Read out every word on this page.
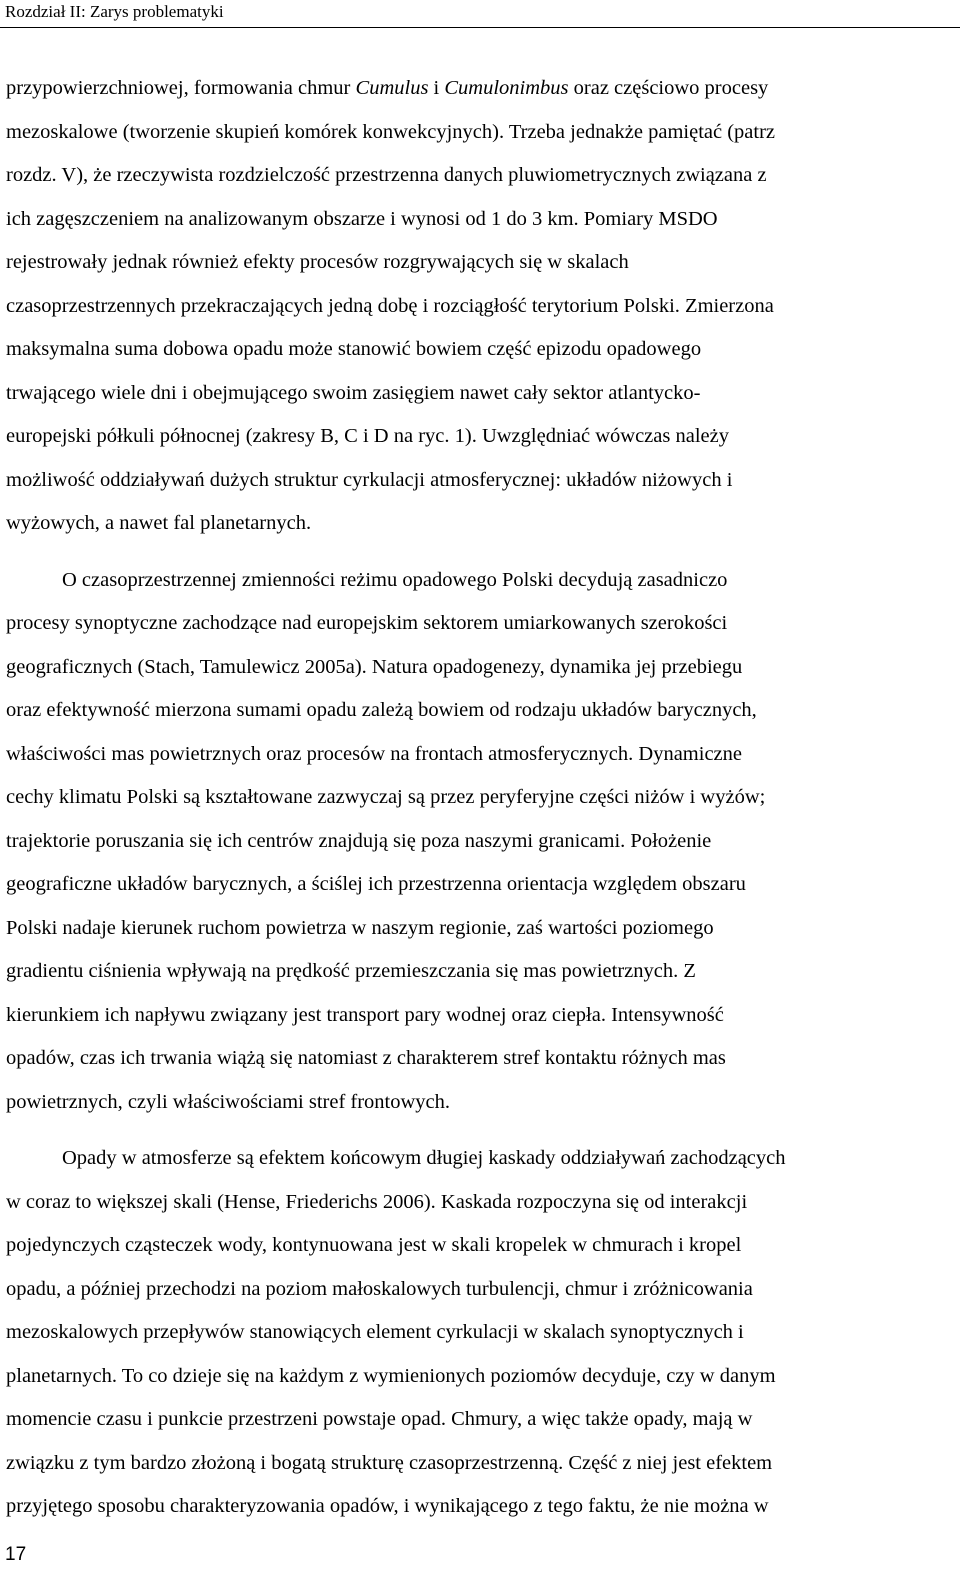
Rozdział II: Zarys problematyki
przypowierzchniowej, formowania chmur Cumulus i Cumulonimbus oraz częściowo procesy
mezoskalowe (tworzenie skupień komórek konwekcyjnych). Trzeba jednakże pamiętać (patrz
rozdz. V), że rzeczywista rozdzielczość przestrzenna danych pluwiometrycznych związana z
ich zagęszczeniem na analizowanym obszarze i wynosi od 1 do 3 km. Pomiary MSDO
rejestrowały jednak również efekty procesów rozgrywających się w skalach
czasoprzestrzennych przekraczających jedną dobę i rozciągłość terytorium Polski. Zmierzona
maksymalna suma dobowa opadu może stanowić bowiem część epizodu opadowego
trwającego wiele dni i obejmującego swoim zasięgiem nawet cały sektor atlantycko-
europejski półkuli północnej (zakresy B, C i D na ryc. 1). Uwzględniać wówczas należy
możliwość oddziaływań dużych struktur cyrkulacji atmosferycznej: układów niżowych i
wyżowych, a nawet fal planetarnych.
O czasoprzestrzennej zmienności reżimu opadowego Polski decydują zasadniczo
procesy synoptyczne zachodzące nad europejskim sektorem umiarkowanych szerokości
geograficznych (Stach, Tamulewicz 2005a). Natura opadogenezy, dynamika jej przebiegu
oraz efektywność mierzona sumami opadu zależą bowiem od rodzaju układów barycznych,
właściwości mas powietrznych oraz procesów na frontach atmosferycznych. Dynamiczne
cechy klimatu Polski są kształtowane zazwyczaj są przez peryferyjne części niżów i wyżów;
trajektorie poruszania się ich centrów znajdują się poza naszymi granicami. Położenie
geograficzne układów barycznych, a ściślej ich przestrzenna orientacja względem obszaru
Polski nadaje kierunek ruchom powietrza w naszym regionie, zaś wartości poziomego
gradientu ciśnienia wpływają na prędkość przemieszczania się mas powietrznych. Z
kierunkiem ich napływu związany jest transport pary wodnej oraz ciepła. Intensywność
opadów, czas ich trwania wiążą się natomiast z charakterem stref kontaktu różnych mas
powietrznych, czyli właściwościami stref frontowych.
Opady w atmosferze są efektem końcowym długiej kaskady oddziaływań zachodzących
w coraz to większej skali (Hense, Friederichs 2006). Kaskada rozpoczyna się od interakcji
pojedynczych cząsteczek wody, kontynuowana jest w skali kropelek w chmurach i kropel
opadu, a później przechodzi na poziom małoskalowych turbulencji, chmur i zróżnicowania
mezoskalowych przepływów stanowiących element cyrkulacji w skalach synoptycznych i
planetarnych. To co dzieje się na każdym z wymienionych poziomów decyduje, czy w danym
momencie czasu i punkcie przestrzeni powstaje opad. Chmury, a więc także opady, mają w
związku z tym bardzo złożoną i bogatą strukturę czasoprzestrzenną. Część z niej jest efektem
przyjętego sposobu charakteryzowania opadów, i wynikającego z tego faktu, że nie można w
17
